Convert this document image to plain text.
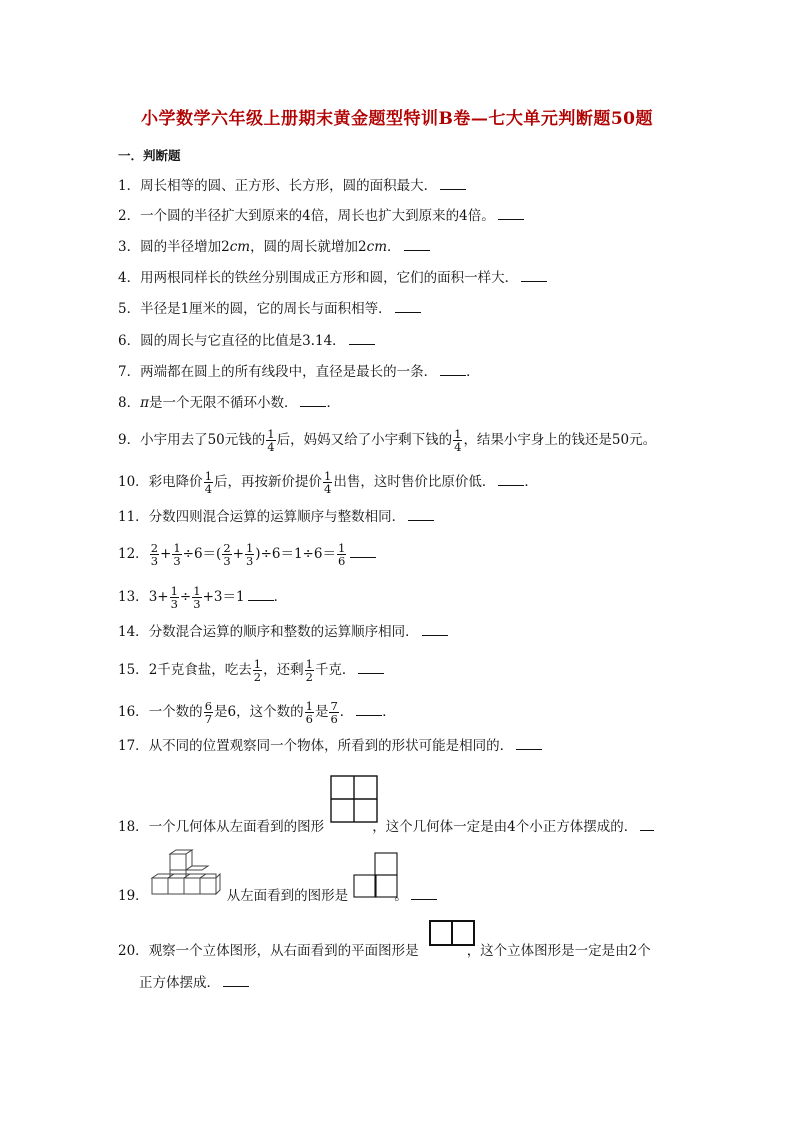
小学数学六年级上册期末黄金题型特训B卷—七大单元判断题50题
一．判断题
1．周长相等的圆、正方形、长方形，圆的面积最大．
2．一个圆的半径扩大到原来的4倍，周长也扩大到原来的4倍。
3．圆的半径增加2cm，圆的周长就增加2cm．
4．用两根同样长的铁丝分别围成正方形和圆，它们的面积一样大．
5．半径是1厘米的圆，它的周长与面积相等．
6．圆的周长与它直径的比值是3.14．
7．两端都在圆上的所有线段中，直径是最长的一条． ．
8．π是一个无限不循环小数． ．
9．小宇用去了50元钱的 $\frac{1}{4}$ 后，妈妈又给了小宇剩下钱的 $\frac{1}{4}$ ，结果小宇身上的钱还是50元。
10．彩电降价 $\frac{1}{4}$ 后，再按新价提价 $\frac{1}{4}$ 出售，这时售价比原价低． ．
11．分数四则混合运算的运算顺序与整数相同．
12． $\frac{2}{3} + \frac{1}{3} \div 6=( \frac{2}{3} + \frac{1}{3} )\div 6=1\div 6= \frac{1}{6}$
13．$3+ \frac{1}{3} \div \frac{1}{3} +3=1$ ．
14．分数混合运算的顺序和整数的运算顺序相同．
15．2千克食盐，吃去 $\frac{1}{2}$ ，还剩 $\frac{1}{2}$ 千克．
16．一个数的 $\frac{6}{7}$ 是6，这个数的 $\frac{1}{6}$ 是 $\frac{7}{6}$ ． ．
17．从不同的位置观察同一个物体，所看到的形状可能是相同的．
18．一个几何体从左面看到的图形	，这个几何体一定是由4个小正方体摆成的．
19．	从左面看到的图形是	。
20．观察一个立体图形，从右面看到的平面图形是	，这个立体图形是一定是由2个
正方体摆成．
